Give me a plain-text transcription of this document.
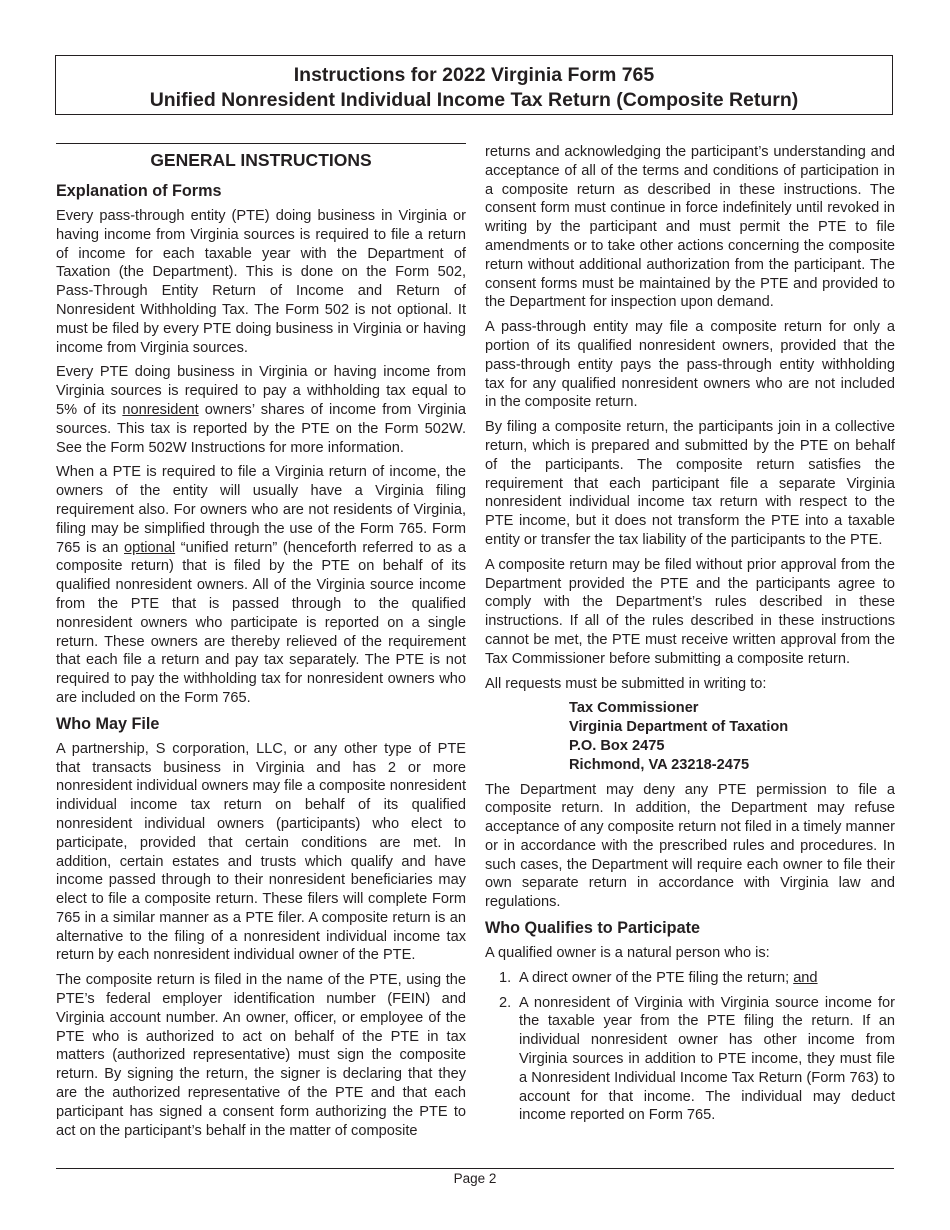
Instructions for 2022 Virginia Form 765
Unified Nonresident Individual Income Tax Return (Composite Return)
GENERAL INSTRUCTIONS
Explanation of Forms

Every pass-through entity (PTE) doing business in Virginia or having income from Virginia sources is required to file a return of income for each taxable year with the Department of Taxation (the Department). This is done on the Form 502, Pass-Through Entity Return of Income and Return of Nonresident Withholding Tax. The Form 502 is not optional. It must be filed by every PTE doing business in Virginia or having income from Virginia sources.

Every PTE doing business in Virginia or having income from Virginia sources is required to pay a withholding tax equal to 5% of its nonresident owners’ shares of income from Virginia sources. This tax is reported by the PTE on the Form 502W. See the Form 502W Instructions for more information.

When a PTE is required to file a Virginia return of income, the owners of the entity will usually have a Virginia filing requirement also. For owners who are not residents of Virginia, filing may be simplified through the use of the Form 765. Form 765 is an optional “unified return” (henceforth referred to as a composite return) that is filed by the PTE on behalf of its qualified nonresident owners. All of the Virginia source income from the PTE that is passed through to the qualified nonresident owners who participate is reported on a single return. These owners are thereby relieved of the requirement that each file a return and pay tax separately. The PTE is not required to pay the withholding tax for nonresident owners who are included on the Form 765.

Who May File

A partnership, S corporation, LLC, or any other type of PTE that transacts business in Virginia and has 2 or more nonresident individual owners may file a composite nonresident individual income tax return on behalf of its qualified nonresident individual owners (participants) who elect to participate, provided that certain conditions are met. In addition, certain estates and trusts which qualify and have income passed through to their nonresident beneficiaries may elect to file a composite return. These filers will complete Form 765 in a similar manner as a PTE filer. A composite return is an alternative to the filing of a nonresident individual income tax return by each nonresident individual owner of the PTE.

The composite return is filed in the name of the PTE, using the PTE’s federal employer identification number (FEIN) and Virginia account number. An owner, officer, or employee of the PTE who is authorized to act on behalf of the PTE in tax matters (authorized representative) must sign the composite return. By signing the return, the signer is declaring that they are the authorized representative of the PTE and that each participant has signed a consent form authorizing the PTE to act on the participant’s behalf in the matter of composite

returns and acknowledging the participant’s understanding and acceptance of all of the terms and conditions of participation in a composite return as described in these instructions. The consent form must continue in force indefinitely until revoked in writing by the participant and must permit the PTE to file amendments or to take other actions concerning the composite return without additional authorization from the participant. The consent forms must be maintained by the PTE and provided to the Department for inspection upon demand.

A pass-through entity may file a composite return for only a portion of its qualified nonresident owners, provided that the pass-through entity pays the pass-through entity withholding tax for any qualified nonresident owners who are not included in the composite return.

By filing a composite return, the participants join in a collective return, which is prepared and submitted by the PTE on behalf of the participants. The composite return satisfies the requirement that each participant file a separate Virginia nonresident individual income tax return with respect to the PTE income, but it does not transform the PTE into a taxable entity or transfer the tax liability of the participants to the PTE.

A composite return may be filed without prior approval from the Department provided the PTE and the participants agree to comply with the Department’s rules described in these instructions. If all of the rules described in these instructions cannot be met, the PTE must receive written approval from the Tax Commissioner before submitting a composite return.

All requests must be submitted in writing to:

Tax Commissioner
Virginia Department of Taxation
P.O. Box 2475
Richmond, VA 23218-2475

The Department may deny any PTE permission to file a composite return. In addition, the Department may refuse acceptance of any composite return not filed in a timely manner or in accordance with the prescribed rules and procedures. In such cases, the Department will require each owner to file their own separate return in accordance with Virginia law and regulations.

Who Qualifies to Participate

A qualified owner is a natural person who is:

1. A direct owner of the PTE filing the return; and
2. A nonresident of Virginia with Virginia source income for the taxable year from the PTE filing the return. If an individual nonresident owner has other income from Virginia sources in addition to PTE income, they must file a Nonresident Individual Income Tax Return (Form 763) to account for that income. The individual may deduct income reported on Form 765.
Page 2
